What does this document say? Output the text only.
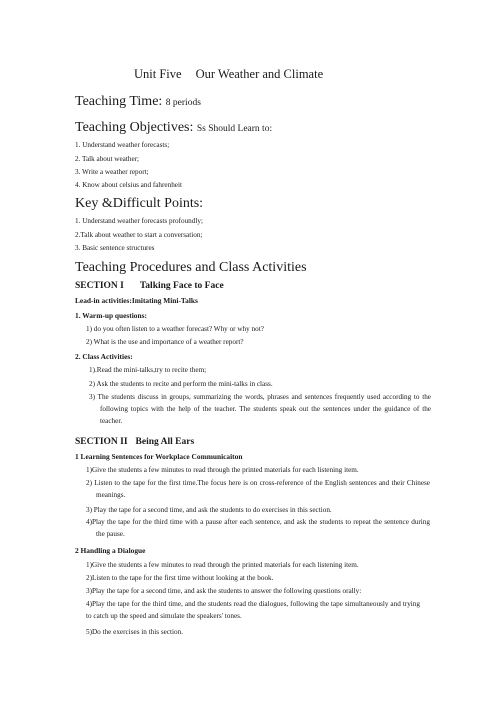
Unit Five Our Weather and Climate
Teaching Time: 8 periods
Teaching Objectives: Ss Should Learn to:
1. Understand weather forecasts;
2. Talk about weather;
3. Write a weather report;
4. Know about celsius and fahrenheit
Key &Difficult Points:
1. Understand weather forecasts profoundly;
2.Talk about weather to start a conversation;
3. Basic sentence structures
Teaching Procedures and Class Activities
SECTION I Talking Face to Face
Lead-in activities:Imitating Mini-Talks
1. Warm-up questions:
1) do you often listen to a weather forecast? Why or why not?
2) What is the use and importance of a weather report?
2. Class Activities:
1).Read the mini-talks,try to recite them;
2) Ask the students to recite and perform the mini-talks in class.
3) The students discuss in groups, summarizing the words, phrases and sentences frequently used according to the following topics with the help of the teacher. The students speak out the sentences under the guidance of the teacher.
SECTION II Being All Ears
1 Learning Sentences for Workplace Communicaiton
1)Give the students a few minutes to read through the printed materials for each listening item.
2) Listen to the tape for the first time.The focus here is on cross-reference of the English sentences and their Chinese meanings.
3) Play the tape for a second time, and ask the students to do exercises in this section.
4)Play the tape for the third time with a pause after each sentence, and ask the students to repeat the sentence during the pause.
2 Handling a Dialogue
1)Give the students a few minutes to read through the printed materials for each listening item.
2)Listen to the tape for the first time without looking at the book.
3)Play the tape for a second time, and ask the students to answer the following questions orally:
4)Play the tape for the third time, and the students read the dialogues, following the tape simultaneously and trying to catch up the speed and simulate the speakers' tones.
5)Do the exercises in this section.
